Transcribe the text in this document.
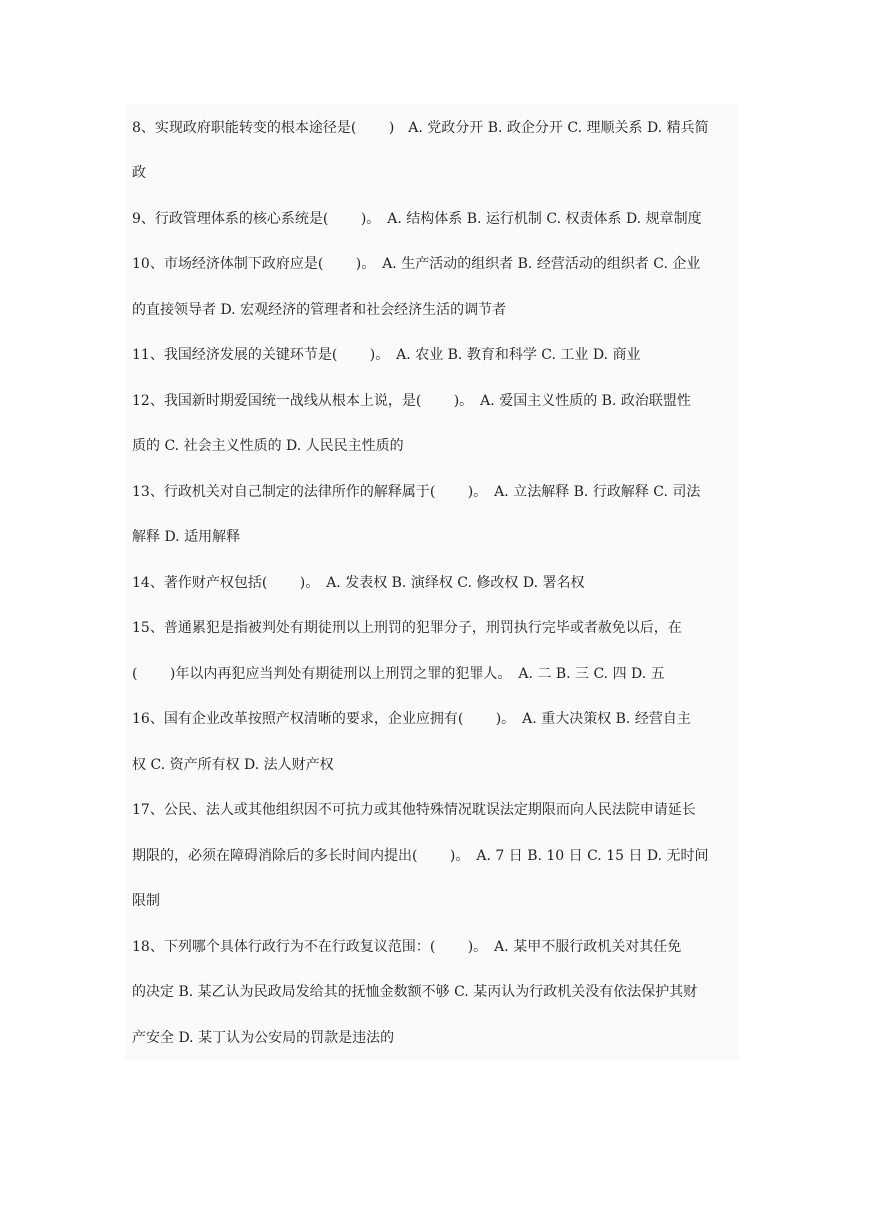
8、实现政府职能转变的根本途径是(　　 )　A. 党政分开 B. 政企分开 C. 理顺关系 D. 精兵简
政
9、行政管理体系的核心系统是(　　 )。　A. 结构体系 B. 运行机制 C. 权责体系 D. 规章制度
10、市场经济体制下政府应是(　　 )。　A. 生产活动的组织者 B. 经营活动的组织者 C. 企业
的直接领导者 D. 宏观经济的管理者和社会经济生活的调节者
11、我国经济发展的关键环节是(　　 )。　A. 农业 B. 教育和科学 C. 工业 D. 商业
12、我国新时期爱国统一战线从根本上说，是(　　 )。　A. 爱国主义性质的 B. 政治联盟性
质的 C. 社会主义性质的 D. 人民民主性质的
13、行政机关对自己制定的法律所作的解释属于(　　 )。　A. 立法解释 B. 行政解释 C. 司法
解释 D. 适用解释
14、著作财产权包括(　　 )。　A. 发表权 B. 演绎权 C. 修改权 D. 署名权
15、普通累犯是指被判处有期徒刑以上刑罚的犯罪分子，刑罚执行完毕或者赦免以后，在
(　　 )年以内再犯应当判处有期徒刑以上刑罚之罪的犯罪人。　A. 二 B. 三 C. 四 D. 五
16、国有企业改革按照产权清晰的要求，企业应拥有(　　 )。　A. 重大决策权 B. 经营自主
权 C. 资产所有权 D. 法人财产权
17、公民、法人或其他组织因不可抗力或其他特殊情况耽误法定期限而向人民法院申请延长
期限的，必须在障碍消除后的多长时间内提出(　　 )。　A. 7 日 B. 10 日 C. 15 日 D. 无时间
限制
18、下列哪个具体行政行为不在行政复议范围：(　　 )。　A. 某甲不服行政机关对其任免
的决定 B. 某乙认为民政局发给其的抚恤金数额不够 C. 某丙认为行政机关没有依法保护其财
产安全 D. 某丁认为公安局的罚款是违法的
